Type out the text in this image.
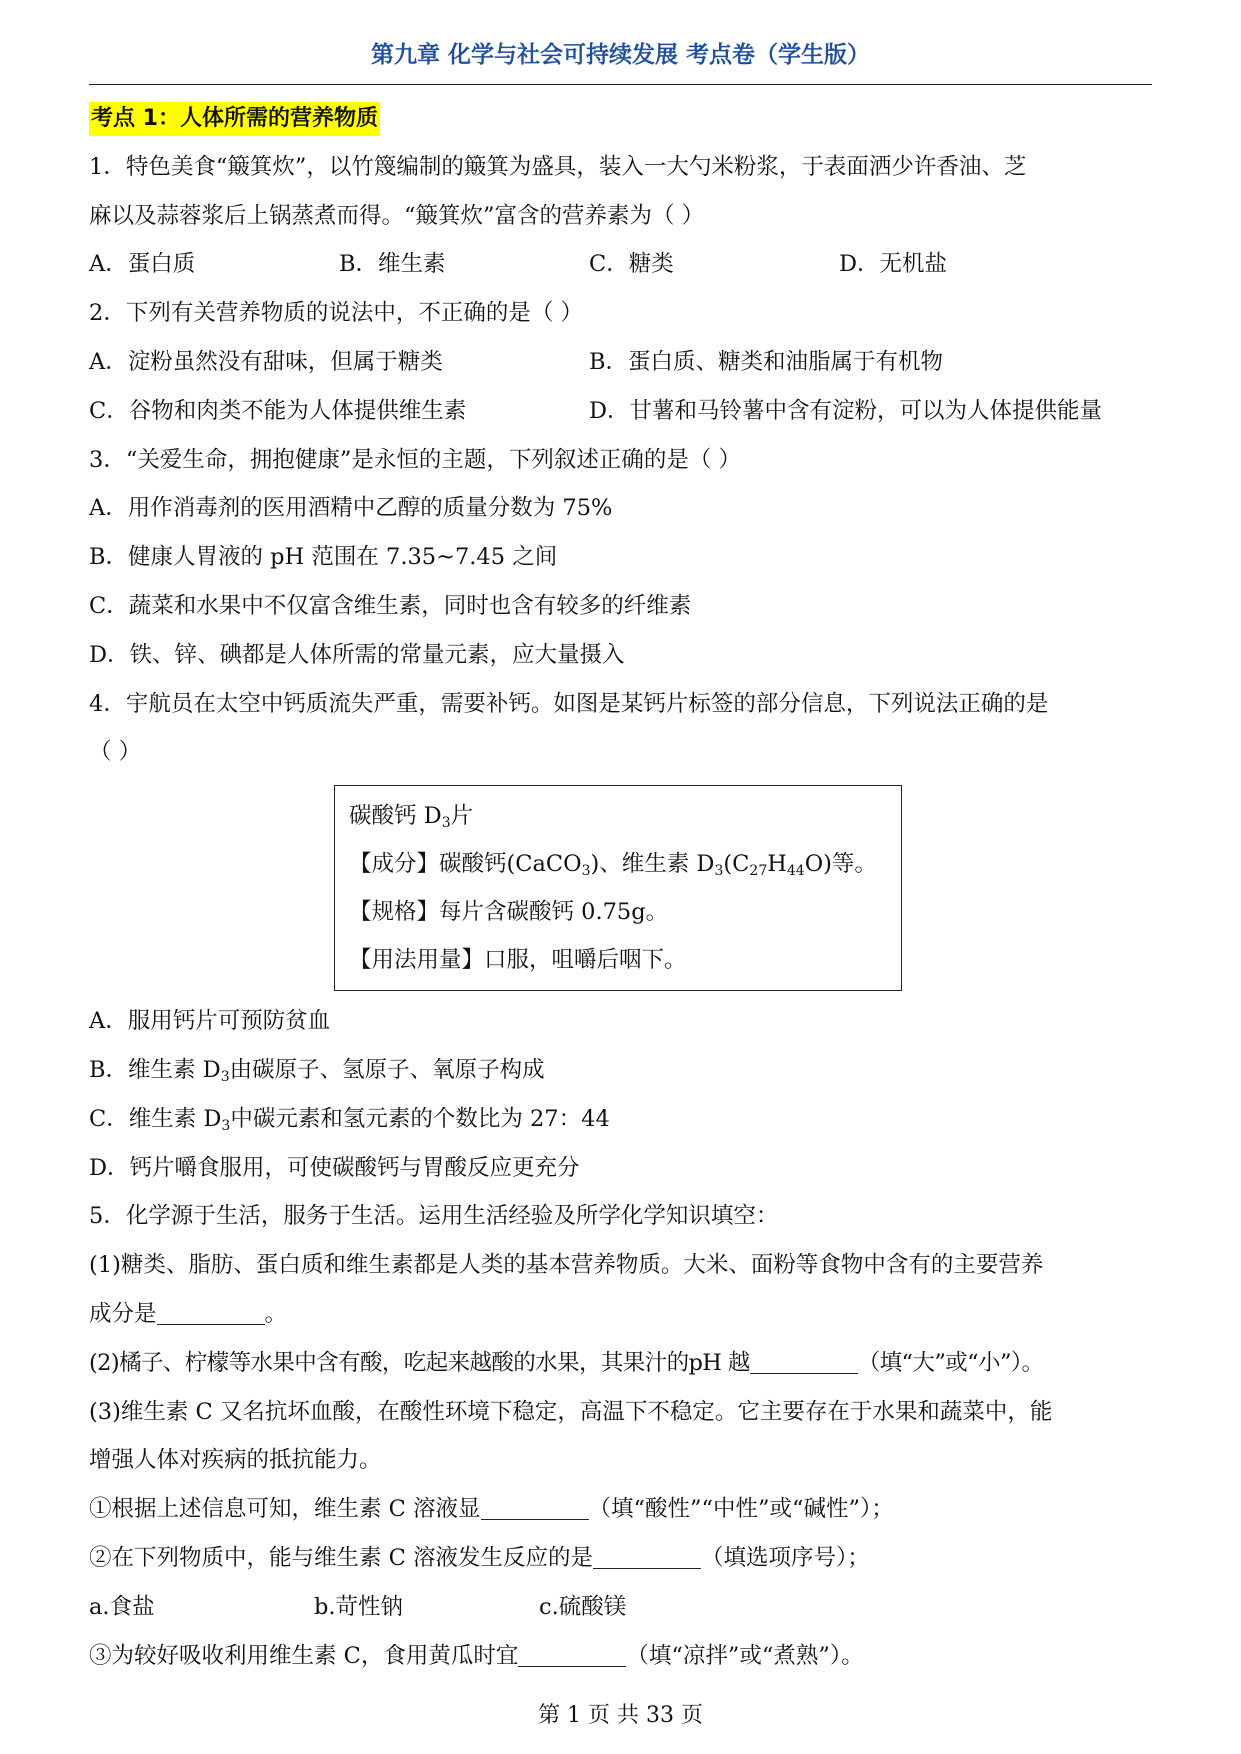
第九章 化学与社会可持续发展 考点卷（学生版）
考点 1：人体所需的营养物质
1．特色美食“簸箕炊”，以竹篾编制的簸箕为盛具，装入一大勺米粉浆，于表面洒少许香油、芝
麻以及蒜蓉浆后上锅蒸煮而得。“簸箕炊”富含的营养素为（ ）
A．蛋白质	B．维生素	C．糖类	D．无机盐
2．下列有关营养物质的说法中，不正确的是（ ）
A．淀粉虽然没有甜味，但属于糖类	B．蛋白质、糖类和油脂属于有机物
C．谷物和肉类不能为人体提供维生素	D．甘薯和马铃薯中含有淀粉，可以为人体提供能量
3．“关爱生命，拥抱健康”是永恒的主题，下列叙述正确的是（ ）
A．用作消毒剂的医用酒精中乙醇的质量分数为 75%
B．健康人胃液的 pH 范围在 7.35~7.45 之间
C．蔬菜和水果中不仅富含维生素，同时也含有较多的纤维素
D．铁、锌、碘都是人体所需的常量元素，应大量摄入
4．宇航员在太空中钙质流失严重，需要补钙。如图是某钙片标签的部分信息，下列说法正确的是
（ ）
碳酸钙 $D_3$片
【成分】碳酸钙(CaCO$_3$)、维生素 $D_3(C_{27}H_{44}O)$等。
【规格】每片含碳酸钙 0.75g。
【用法用量】口服，咀嚼后咽下。
A．服用钙片可预防贫血
B．维生素 $D_3$由碳原子、氢原子、氧原子构成
C．维生素 $D_3$中碳元素和氢元素的个数比为 27：44
D．钙片嚼食服用，可使碳酸钙与胃酸反应更充分
5．化学源于生活，服务于生活。运用生活经验及所学化学知识填空：
(1)糖类、脂肪、蛋白质和维生素都是人类的基本营养物质。大米、面粉等食物中含有的主要营养
成分是	。
(2)橘子、柠檬等水果中含有酸，吃起来越酸的水果，其果汁的pH 越	（填“大”或“小”）。
(3)维生素 C 又名抗坏血酸，在酸性环境下稳定，高温下不稳定。它主要存在于水果和蔬菜中，能
增强人体对疾病的抵抗能力。
①根据上述信息可知，维生素 C 溶液显	（填“酸性”“中性”或“碱性”）；
②在下列物质中，能与维生素 C 溶液发生反应的是	（填选项序号）；
a.食盐	b.苛性钠	c.硫酸镁
③为较好吸收利用维生素 C，食用黄瓜时宜	（填“凉拌”或“煮熟”）。
第 1 页 共 33 页
